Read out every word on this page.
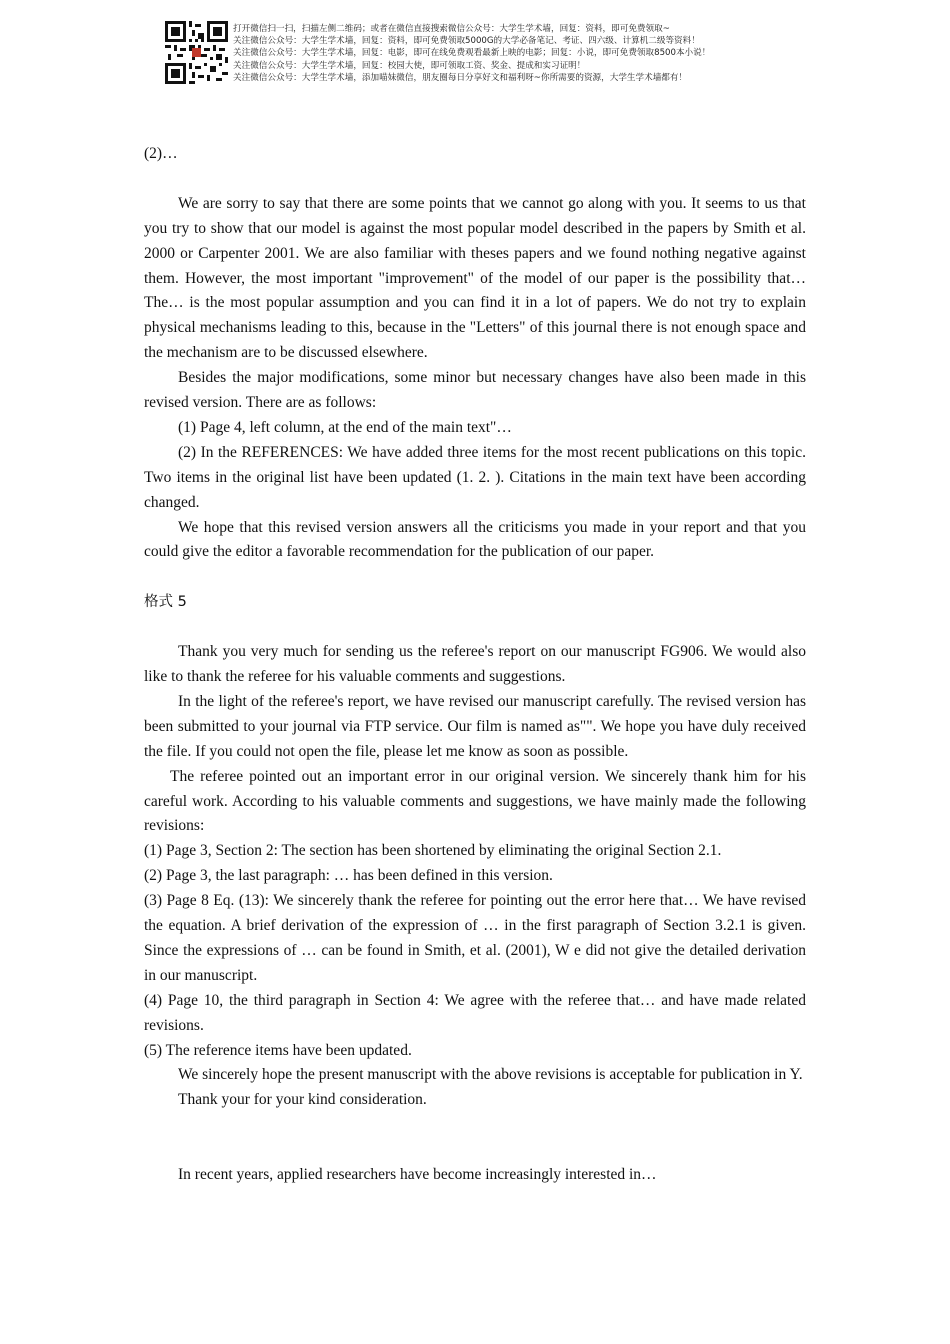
打开微信扫一扫，扫描左侧二维码；或者在微信直接搜索微信公众号：大学生学术墙，回复：资料，即可免费领取~
关注微信公众号：大学生学术墙，回复：资料，即可免费领取5000G的大学必备笔记、考证、四六级、计算机二级等资料！
关注微信公众号：大学生学术墙，回复：电影，即可在线免费观看最新上映的电影；回复：小说，即可免费领取8500本小说！
关注微信公众号：大学生学术墙，回复：校园大使，即可领取工资、奖金、提成和实习证明！
关注微信公众号：大学生学术墙，添加喵妹微信，朋友圈每日分享好文和福利呀~你所需要的资源，大学生学术墙都有！

(2)…

We are sorry to say that there are some points that we cannot go along with you. It seems to us that you try to show that our model is against the most popular model described in the papers by Smith et al. 2000 or Carpenter 2001. We are also familiar with theses papers and we found nothing negative against them. However, the most important "improvement" of the model of our paper is the possibility that… The… is the most popular assumption and you can find it in a lot of papers. We do not try to explain physical mechanisms leading to this, because in the "Letters" of this journal there is not enough space and the mechanism are to be discussed elsewhere.

Besides the major modifications, some minor but necessary changes have also been made in this revised version. There are as follows:

(1) Page 4, left column, at the end of the main text"…

(2) In the REFERENCES: We have added three items for the most recent publications on this topic. Two items in the original list have been updated (1. 2. ). Citations in the main text have been according changed.

We hope that this revised version answers all the criticisms you made in your report and that you could give the editor a favorable recommendation for the publication of our paper.

格式 5

Thank you very much for sending us the referee's report on our manuscript FG906. We would also like to thank the referee for his valuable comments and suggestions.

In the light of the referee's report, we have revised our manuscript carefully. The revised version has been submitted to your journal via FTP service. Our film is named as"". We hope you have duly received the file. If you could not open the file, please let me know as soon as possible.

The referee pointed out an important error in our original version. We sincerely thank him for his careful work. According to his valuable comments and suggestions, we have mainly made the following revisions:

(1) Page 3, Section 2: The section has been shortened by eliminating the original Section 2.1.

(2) Page 3, the last paragraph: … has been defined in this version.

(3) Page 8 Eq. (13): We sincerely thank the referee for pointing out the error here that… We have revised the equation. A brief derivation of the expression of … in the first paragraph of Section 3.2.1 is given. Since the expressions of … can be found in Smith, et al. (2001), W e did not give the detailed derivation in our manuscript.

(4) Page 10, the third paragraph in Section 4: We agree with the referee that… and have made related revisions.

(5) The reference items have been updated.

We sincerely hope the present manuscript with the above revisions is acceptable for publication in Y.

Thank your for your kind consideration.

In recent years, applied researchers have become increasingly interested in…
